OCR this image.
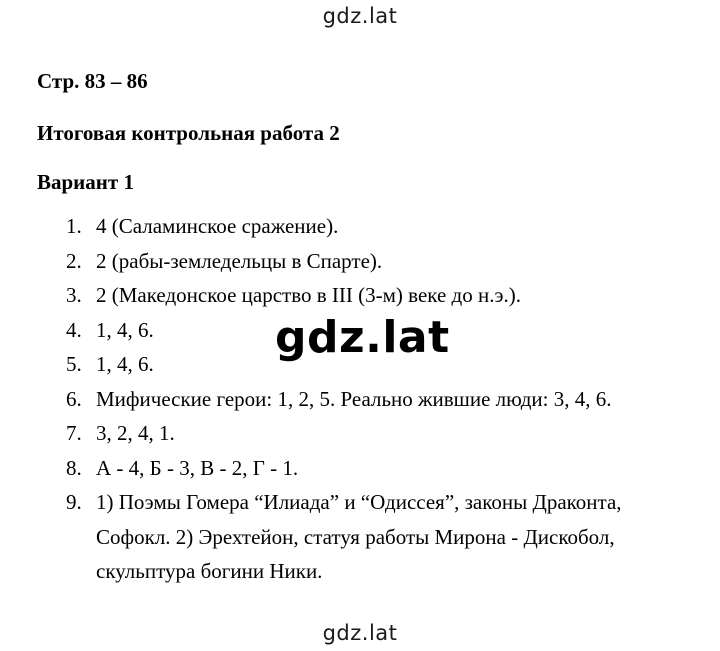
gdz.lat
Стр. 83 – 86
Итоговая контрольная работа 2
Вариант 1
1. 4 (Саламинское сражение).
2. 2 (рабы-земледельцы в Спарте).
3. 2 (Македонское царство в III (3-м) веке до н.э.).
4. 1, 4, 6.
5. 1, 4, 6.
6. Мифические герои: 1, 2, 5. Реально жившие люди: 3, 4, 6.
7. 3, 2, 4, 1.
8. А - 4, Б - 3, В - 2, Г - 1.
9. 1) Поэмы Гомера “Илиада” и “Одиссея”, законы Драконта,
Софокл. 2) Эрехтейон, статуя работы Мирона - Дискобол,
скульптура богини Ники.
gdz.lat
gdz.lat
